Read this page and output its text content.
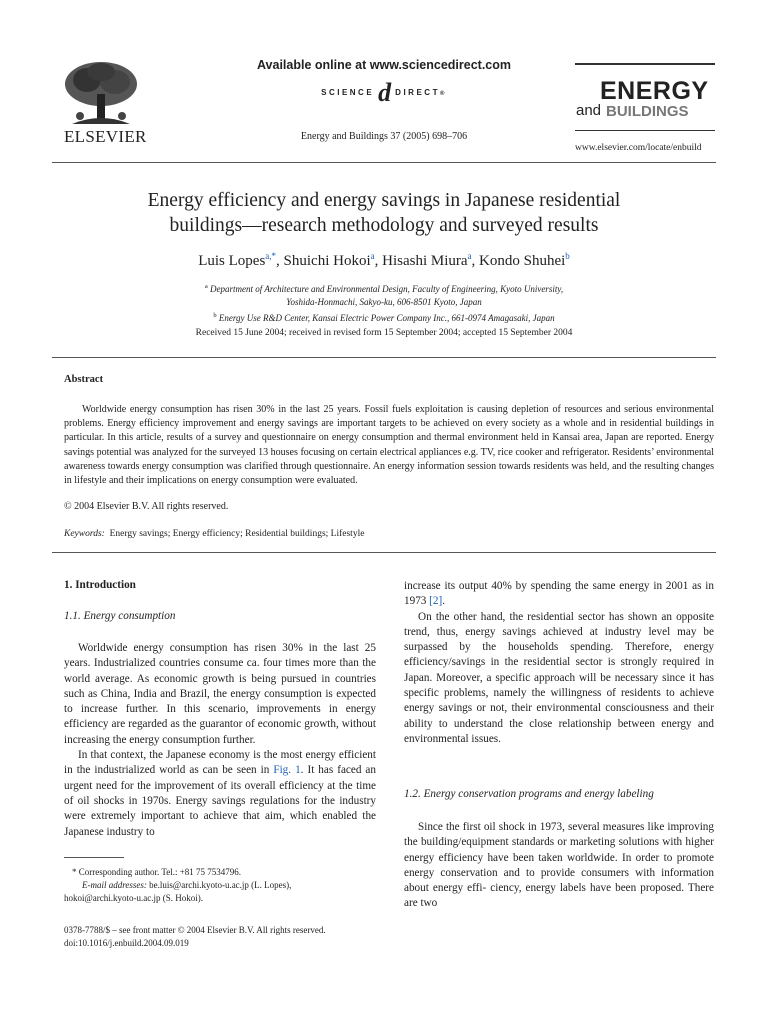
ELSEVIER
Available online at www.sciencedirect.com
SCIENCE d DIRECT®
Energy and Buildings 37 (2005) 698–706
ENERGY
and BUILDINGS
www.elsevier.com/locate/enbuild
Energy efficiency and energy savings in Japanese residential
buildings—research methodology and surveyed results
Luis Lopes$^{a,*}$, Shuichi Hokoi$^a$, Hisashi Miura$^a$, Kondo Shuhei$^b$
$^a$ Department of Architecture and Environmental Design, Faculty of Engineering, Kyoto University,
Yoshida-Honmachi, Sakyo-ku, 606-8501 Kyoto, Japan
$^b$ Energy Use R&D Center, Kansai Electric Power Company Inc., 661-0974 Amagasaki, Japan
Received 15 June 2004; received in revised form 15 September 2004; accepted 15 September 2004
Abstract
Worldwide energy consumption has risen 30% in the last 25 years. Fossil fuels exploitation is causing depletion of resources and serious environmental problems. Energy efficiency improvement and energy savings are important targets to be achieved on every society as a whole and in residential buildings in particular. In this article, results of a survey and questionnaire on energy consumption and thermal environment held in Kansai area, Japan are reported. Energy savings potential was analyzed for the surveyed 13 houses focusing on certain electrical appliances e.g. TV, rice cooker and refrigerator. Residents’ environmental awareness towards energy consumption was clarified through questionnaire. An energy information session towards residents was held, and the resulting changes in lifestyle and their implications on energy consumption were evaluated.
© 2004 Elsevier B.V. All rights reserved.
Keywords: Energy savings; Energy efficiency; Residential buildings; Lifestyle
1. Introduction
1.1. Energy consumption

Worldwide energy consumption has risen 30% in the last 25 years. Industrialized countries consume ca. four times more than the world average. As economic growth is being pursued in countries such as China, India and Brazil, the energy consumption is expected to increase further. In this scenario, improvements in energy efficiency are regarded as the guarantor of economic growth, without increasing the energy consumption further.

In that context, the Japanese economy is the most energy efficient in the industrialized world as can be seen in Fig. 1. It has faced an urgent need for the improvement of its overall efficiency at the time of oil shocks in 1970s. Energy savings regulations for the industry were extremely important to achieve that aim, which enabled the Japanese industry to

* Corresponding author. Tel.: +81 75 7534796.
E-mail addresses: be.luis@archi.kyoto-u.ac.jp (L. Lopes),
hokoi@archi.kyoto-u.ac.jp (S. Hokoi).
0378-7788/$ – see front matter © 2004 Elsevier B.V. All rights reserved.
doi:10.1016/j.enbuild.2004.09.019

increase its output 40% by spending the same energy in 2001 as in 1973 [2].

On the other hand, the residential sector has shown an opposite trend, thus, energy savings achieved at industry level may be surpassed by the households spending. Therefore, energy efficiency/savings in the residential sector is strongly required in Japan. Moreover, a specific approach will be necessary since it has specific problems, namely the willingness of residents to achieve energy savings or not, their environmental consciousness and their ability to understand the close relationship between energy and environmental issues.

1.2. Energy conservation programs and energy labeling

Since the first oil shock in 1973, several measures like improving the building/equipment standards or marketing solutions with higher energy efficiency have been taken worldwide. In order to promote energy conservation and to provide consumers with information about energy effi- ciency, energy labels have been proposed. There are two
